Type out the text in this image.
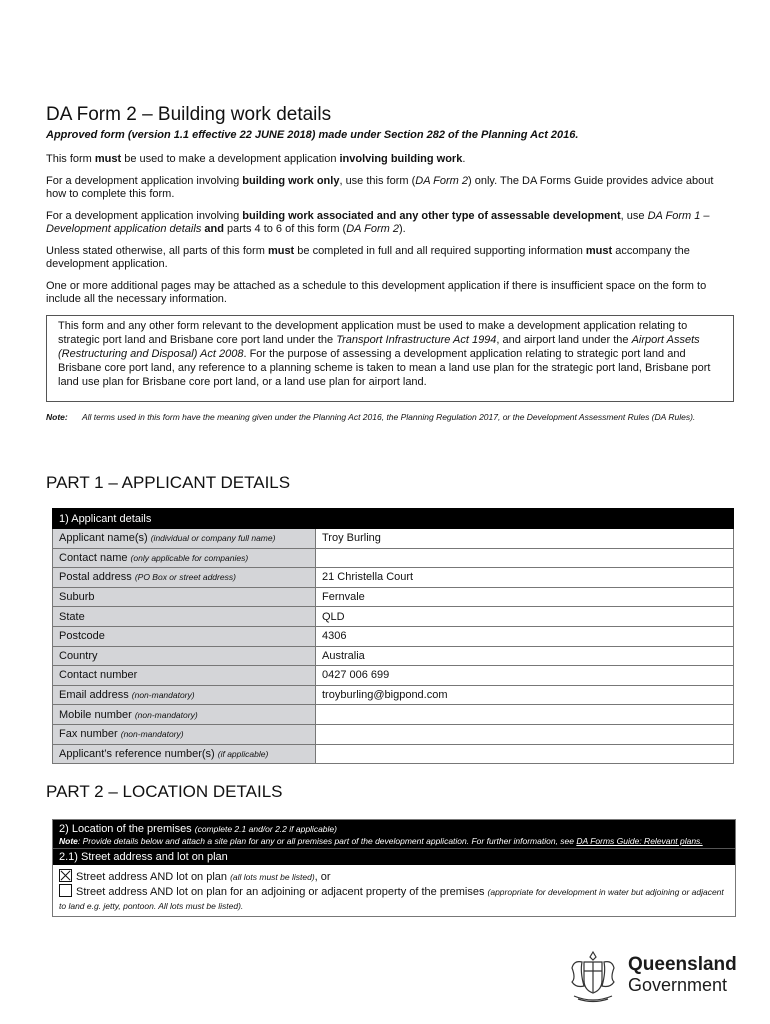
DA Form 2 – Building work details
Approved form (version 1.1 effective 22 JUNE 2018) made under Section 282 of the Planning Act 2016.

This form must be used to make a development application involving building work.

For a development application involving building work only, use this form (DA Form 2) only. The DA Forms Guide provides advice about how to complete this form.

For a development application involving building work associated and any other type of assessable development, use DA Form 1 – Development application details and parts 4 to 6 of this form (DA Form 2).

Unless stated otherwise, all parts of this form must be completed in full and all required supporting information must accompany the development application.

One or more additional pages may be attached as a schedule to this development application if there is insufficient space on the form to include all the necessary information.

This form and any other form relevant to the development application must be used to make a development application relating to strategic port land and Brisbane core port land under the Transport Infrastructure Act 1994, and airport land under the Airport Assets (Restructuring and Disposal) Act 2008. For the purpose of assessing a development application relating to strategic port land and Brisbane core port land, any reference to a planning scheme is taken to mean a land use plan for the strategic port land, Brisbane port land use plan for Brisbane core port land, or a land use plan for airport land.

Note:	All terms used in this form have the meaning given under the Planning Act 2016, the Planning Regulation 2017, or the Development Assessment Rules (DA Rules).
PART 1 – APPLICANT DETAILS
1) Applicant details	
Applicant name(s) (individual or company full name)	Troy Burling
Contact name (only applicable for companies)	
Postal address (PO Box or street address)	21 Christella Court
Suburb	Fernvale
State	QLD
Postcode	4306
Country	Australia
Contact number	0427 006 699
Email address (non-mandatory)	troyburling@bigpond.com
Mobile number (non-mandatory)	
Fax number (non-mandatory)	
Applicant’s reference number(s) (if applicable)	
PART 2 – LOCATION DETAILS
2) Location of the premises (complete 2.1 and/or 2.2 if applicable)
Note: Provide details below and attach a site plan for any or all premises part of the development application. For further information, see DA Forms Guide: Relevant plans.
2.1) Street address and lot on plan
Street address AND lot on plan (all lots must be listed), or
Street address AND lot on plan for an adjoining or adjacent property of the premises (appropriate for development in water but adjoining or adjacent to land e.g. jetty, pontoon. All lots must be listed).
Queensland
Government
